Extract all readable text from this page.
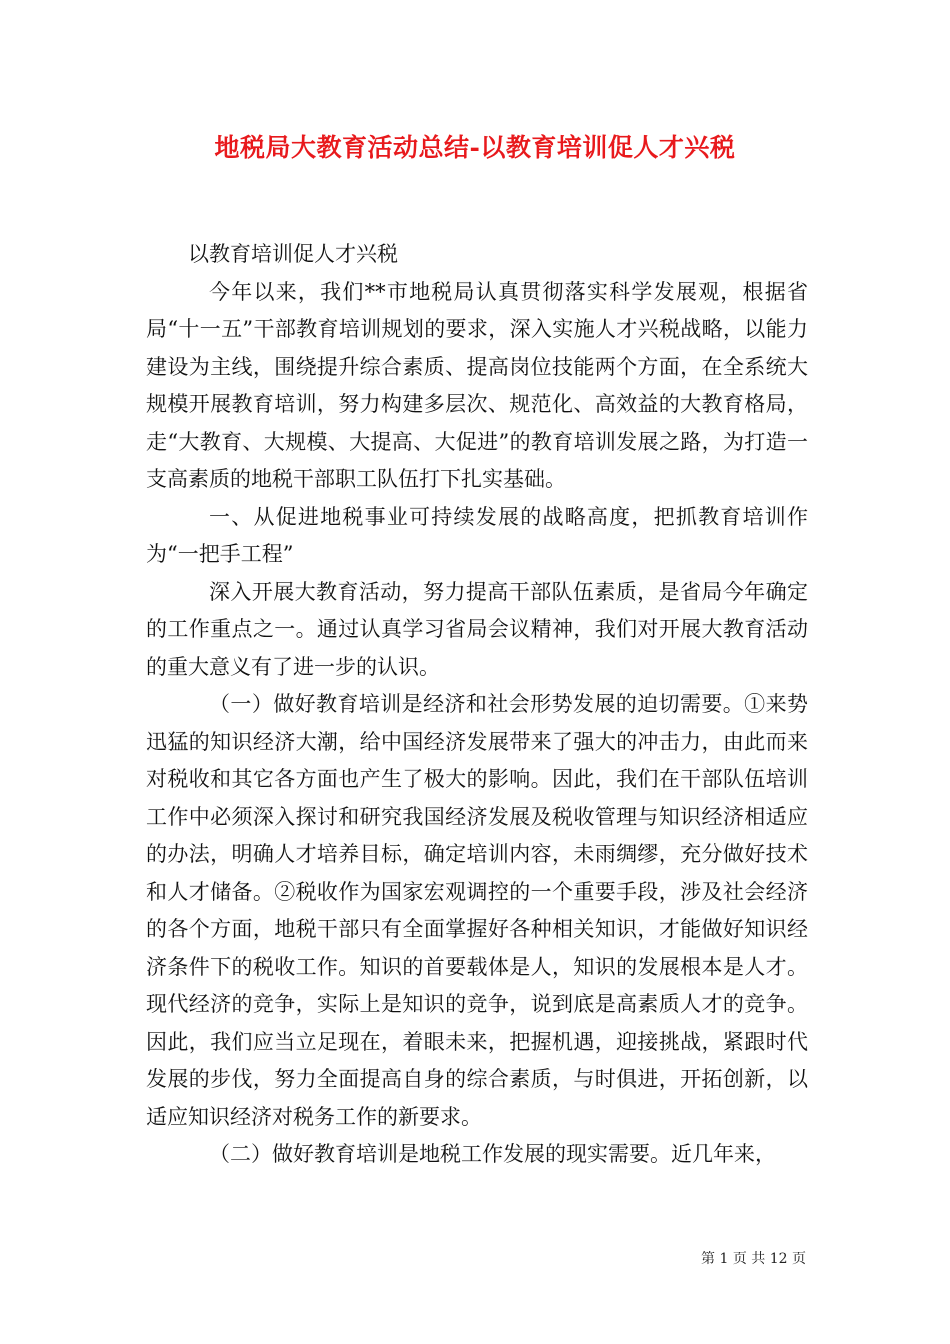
地税局大教育活动总结-以教育培训促人才兴税

以教育培训促人才兴税

今年以来，我们**市地税局认真贯彻落实科学发展观，根据省局“十一五”干部教育培训规划的要求，深入实施人才兴税战略，以能力建设为主线，围绕提升综合素质、提高岗位技能两个方面，在全系统大规模开展教育培训，努力构建多层次、规范化、高效益的大教育格局，走“大教育、大规模、大提高、大促进”的教育培训发展之路，为打造一支高素质的地税干部职工队伍打下扎实基础。

一、从促进地税事业可持续发展的战略高度，把抓教育培训作为“一把手工程”

深入开展大教育活动，努力提高干部队伍素质，是省局今年确定的工作重点之一。通过认真学习省局会议精神，我们对开展大教育活动的重大意义有了进一步的认识。

（一）做好教育培训是经济和社会形势发展的迫切需要。①来势迅猛的知识经济大潮，给中国经济发展带来了强大的冲击力，由此而来对税收和其它各方面也产生了极大的影响。因此，我们在干部队伍培训工作中必须深入探讨和研究我国经济发展及税收管理与知识经济相适应的办法，明确人才培养目标，确定培训内容，未雨绸缪，充分做好技术和人才储备。②税收作为国家宏观调控的一个重要手段，涉及社会经济的各个方面，地税干部只有全面掌握好各种相关知识，才能做好知识经济条件下的税收工作。知识的首要载体是人，知识的发展根本是人才。现代经济的竞争，实际上是知识的竞争，说到底是高素质人才的竞争。因此，我们应当立足现在，着眼未来，把握机遇，迎接挑战，紧跟时代发展的步伐，努力全面提高自身的综合素质，与时俱进，开拓创新，以适应知识经济对税务工作的新要求。

（二）做好教育培训是地税工作发展的现实需要。近几年来，

第 1 页 共 12 页
